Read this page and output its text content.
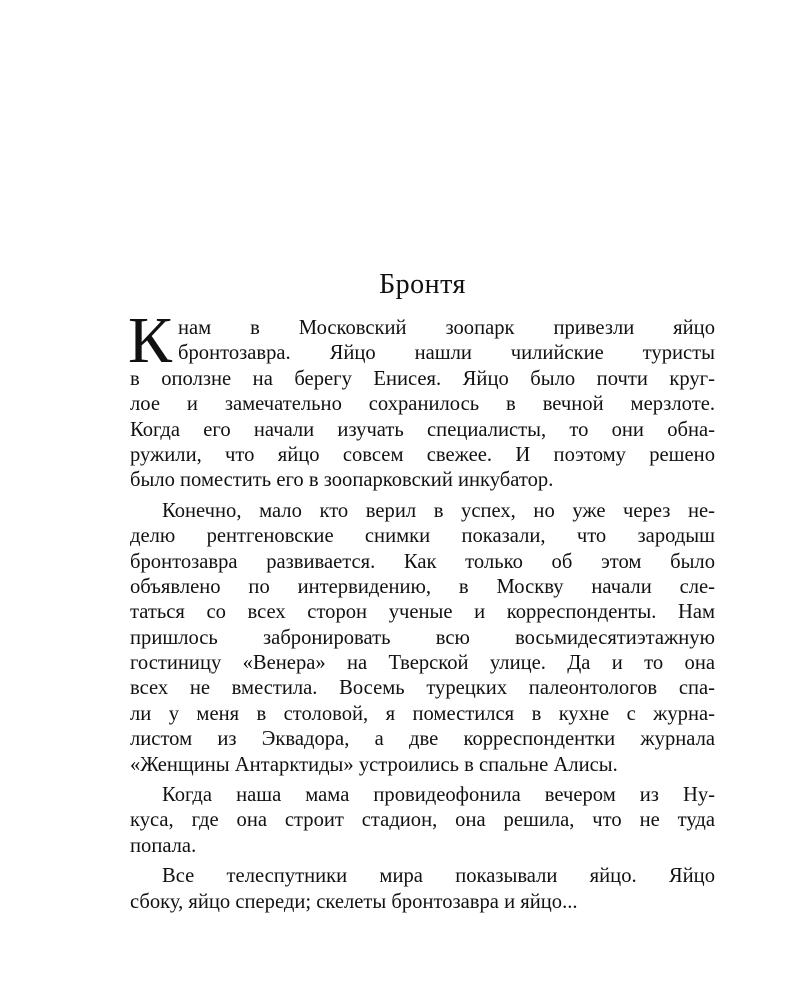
Бронтя
К нам в Московский зоопарк привезли яйцо
бронтозавра. Яйцо нашли чилийские туристы
в оползне на берегу Енисея. Яйцо было почти круг-
лое и замечательно сохранилось в вечной мерзлоте.
Когда его начали изучать специалисты, то они обна-
ружили, что яйцо совсем свежее. И поэтому решено
было поместить его в зоопарковский инкубатор.
Конечно, мало кто верил в успех, но уже через не-
делю рентгеновские снимки показали, что зародыш
бронтозавра развивается. Как только об этом было
объявлено по интервидению, в Москву начали сле-
таться со всех сторон ученые и корреспонденты. Нам
пришлось забронировать всю восьмидесятиэтажную
гостиницу «Венера» на Тверской улице. Да и то она
всех не вместила. Восемь турецких палеонтологов спа-
ли у меня в столовой, я поместился в кухне с журна-
листом из Эквадора, а две корреспондентки журнала
«Женщины Антарктиды» устроились в спальне Алисы.
Когда наша мама провидеофонила вечером из Ну-
куса, где она строит стадион, она решила, что не туда
попала.
Все телеспутники мира показывали яйцо. Яйцо
сбоку, яйцо спереди; скелеты бронтозавра и яйцо...
